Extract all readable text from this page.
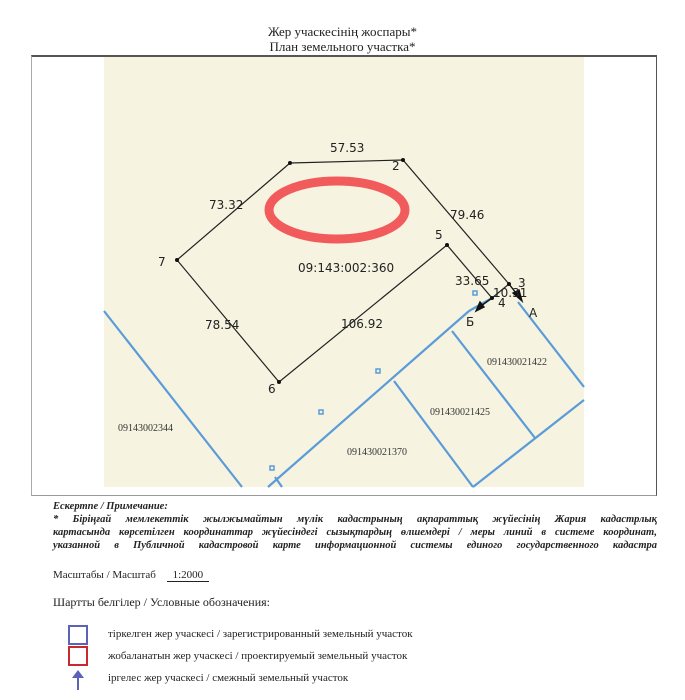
Жер учаскесінің жоспары*
План земельного участка*
57.53
79.46
10.31
33.65
106.92
78.54
73.32
09:143:002:360
2
3
4
5
6
7
А
Б
09143002344
091430021370
091430021425
091430021422
Ескертпе / Примечание:
* Біріңғай мемлекеттік жылжымайтын мүлік кадастрының ақпараттық жүйесінің Жария кадастрлық
картасында көрсетілген координаттар жүйесіндегі сызықтардың өлшемдері / меры линий в системе координат,
указанной в Публичной кадастровой карте информационной системы единого государственного кадастра
Масштабы / Масштаб 1:2000
Шартты белгілер / Условные обозначения:
тіркелген жер учаскесі / зарегистрированный земельный участок
жобаланатын жер учаскесі / проектируемый земельный участок
іргелес жер учаскесі / смежный земельный участок
